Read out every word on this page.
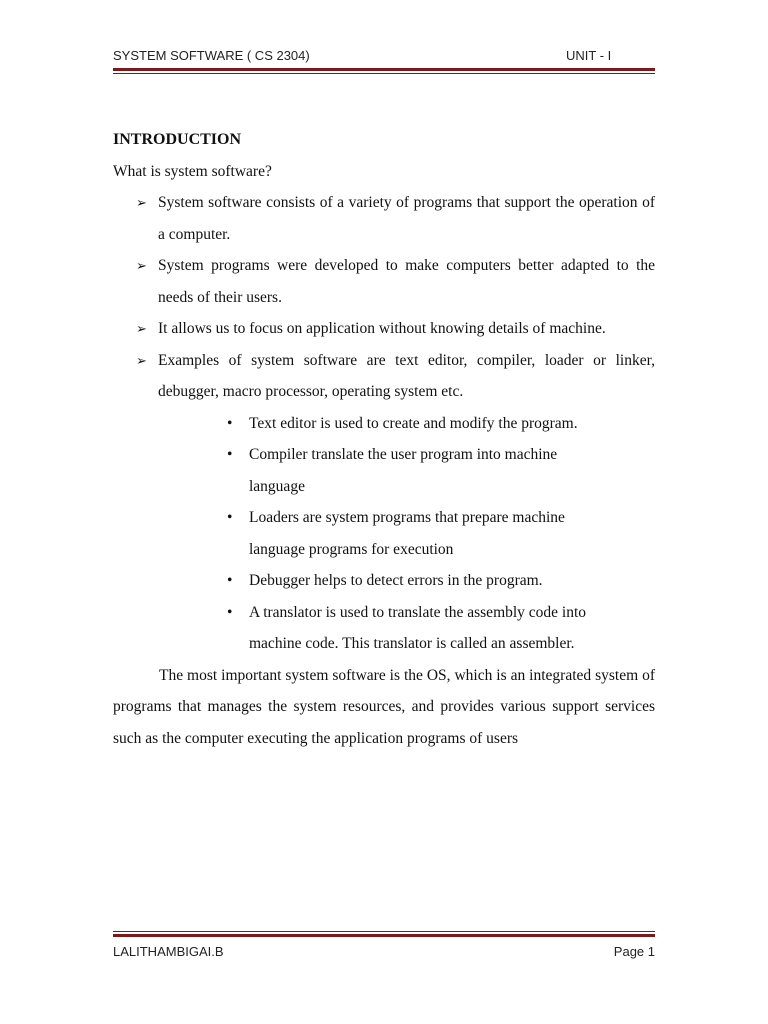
SYSTEM SOFTWARE ( CS 2304)	UNIT - I

INTRODUCTION

What is system software?

➢ System software consists of a variety of programs that support the operation of a computer.
➢ System programs were developed to make computers better adapted to the needs of their users.
➢ It allows us to focus on application without knowing details of machine.
➢ Examples of system software are text editor, compiler, loader or linker, debugger, macro processor, operating system etc.
• Text editor is used to create and modify the program.
• Compiler translate the user program into machine language
• Loaders are system programs that prepare machine language programs for execution
• Debugger helps to detect errors in the program.
• A translator is used to translate the assembly code into machine code. This translator is called an assembler.

The most important system software is the OS, which is an integrated system of programs that manages the system resources, and provides various support services such as the computer executing the application programs of users

LALITHAMBIGAI.B	Page 1
